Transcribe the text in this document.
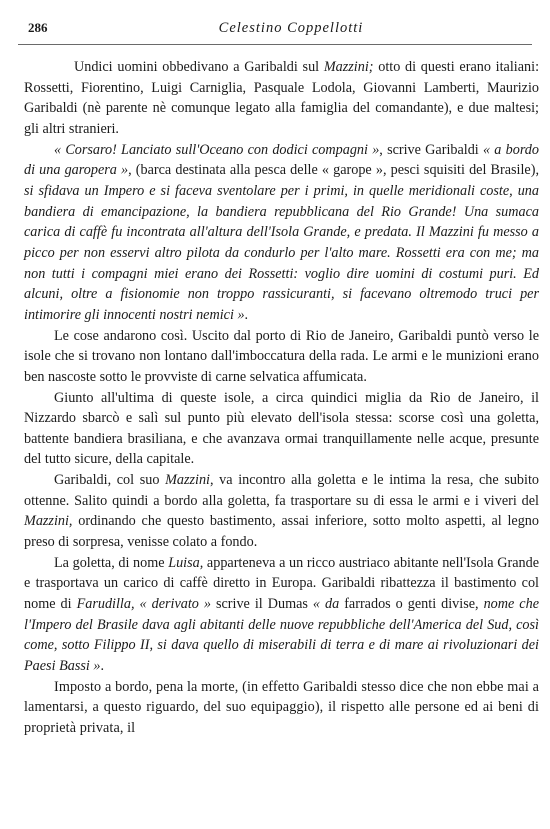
286	Celestino Coppellotti

Undici uomini obbedivano a Garibaldi sul Mazzini; otto di questi erano italiani: Rossetti, Fiorentino, Luigi Carniglia, Pasquale Lodola, Giovanni Lamberti, Maurizio Garibaldi (nè parente nè comunque legato alla famiglia del comandante), e due maltesi; gli altri stranieri.

« Corsaro! Lanciato sull'Oceano con dodici compagni », scrive Garibaldi « a bordo di una garopera », (barca destinata alla pesca delle « garope », pesci squisiti del Brasile), si sfidava un Impero e si faceva sventolare per i primi, in quelle meridionali coste, una bandiera di emancipazione, la bandiera repubblicana del Rio Grande! Una sumaca carica di caffè fu incontrata all'altura dell'Isola Grande, e predata. Il Mazzini fu messo a picco per non esservi altro pilota da condurlo per l'alto mare. Rossetti era con me; ma non tutti i compagni miei erano dei Rossetti: voglio dire uomini di costumi puri. Ed alcuni, oltre a fisionomie non troppo rassicuranti, si facevano oltremodo truci per intimorire gli innocenti nostri nemici ».

Le cose andarono così. Uscito dal porto di Rio de Janeiro, Garibaldi puntò verso le isole che si trovano non lontano dall'imboccatura della rada. Le armi e le munizioni erano ben nascoste sotto le provviste di carne selvatica affumicata.

Giunto all'ultima di queste isole, a circa quindici miglia da Rio de Janeiro, il Nizzardo sbarcò e salì sul punto più elevato dell'isola stessa: scorse così una goletta, battente bandiera brasiliana, e che avanzava ormai tranquillamente nelle acque, presunte del tutto sicure, della capitale.

Garibaldi, col suo Mazzini, va incontro alla goletta e le intima la resa, che subito ottenne. Salito quindi a bordo alla goletta, fa trasportare su di essa le armi e i viveri del Mazzini, ordinando che questo bastimento, assai inferiore, sotto molto aspetti, al legno preso di sorpresa, venisse colato a fondo.

La goletta, di nome Luisa, apparteneva a un ricco austriaco abitante nell'Isola Grande e trasportava un carico di caffè diretto in Europa. Garibaldi ribattezza il bastimento col nome di Farudilla, « derivato » scrive il Dumas « da farrados o genti divise, nome che l'Impero del Brasile dava agli abitanti delle nuove repubbliche dell'America del Sud, così come, sotto Filippo II, si dava quello di miserabili di terra e di mare ai rivoluzionari dei Paesi Bassi ».

Imposto a bordo, pena la morte, (in effetto Garibaldi stesso dice che non ebbe mai a lamentarsi, a questo riguardo, del suo equipaggio), il rispetto alle persone ed ai beni di proprietà privata, il
